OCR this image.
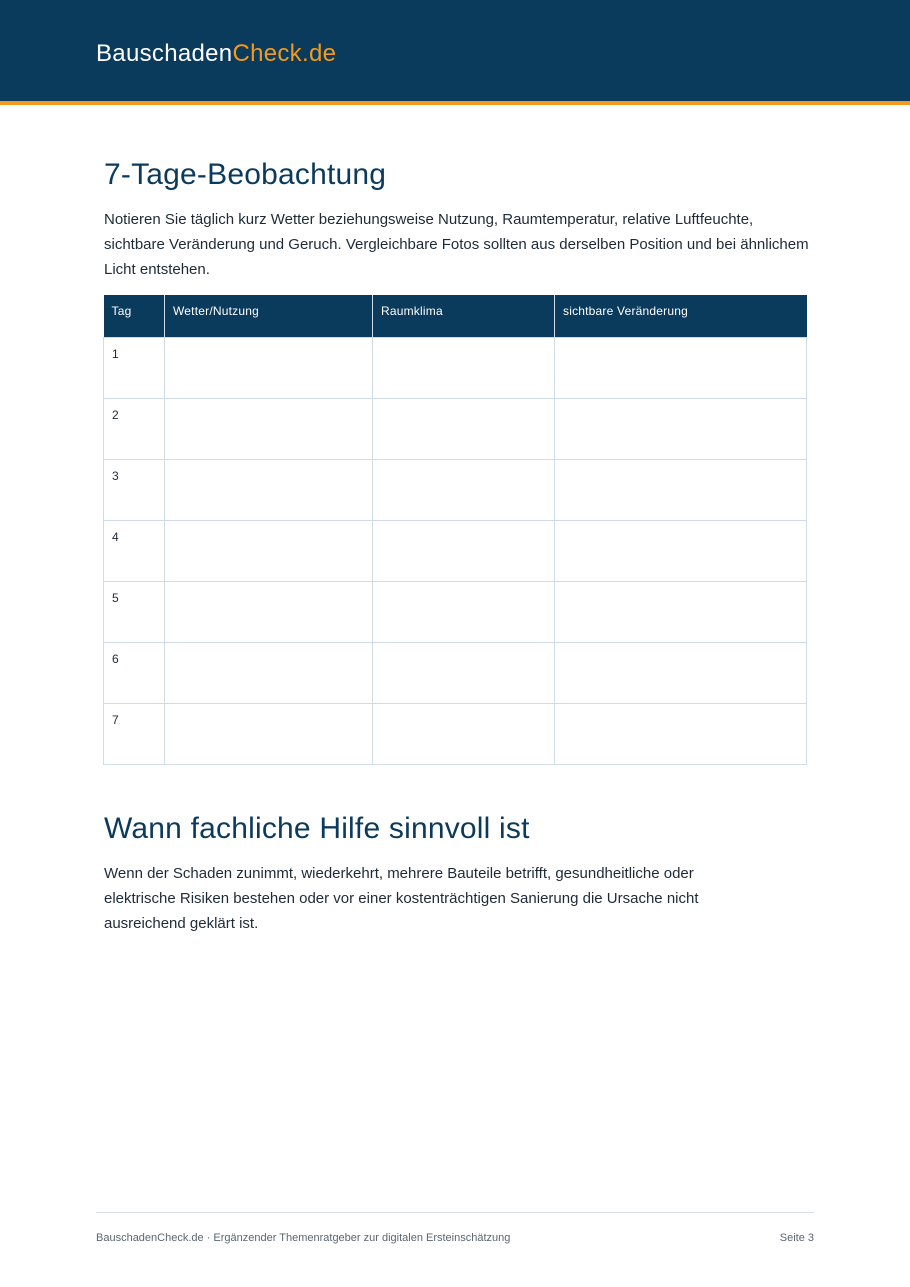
BauschadenCheck.de
7-Tage-Beobachtung

Notieren Sie täglich kurz Wetter beziehungsweise Nutzung, Raumtemperatur, relative Luftfeuchte, sichtbare Veränderung und Geruch. Vergleichbare Fotos sollten aus derselben Position und bei ähnlichem Licht entstehen.

Tag	Wetter/Nutzung	Raumklima	sichtbare Veränderung
1			
2			
3			
4			
5			
6			
7			
Wann fachliche Hilfe sinnvoll ist

Wenn der Schaden zunimmt, wiederkehrt, mehrere Bauteile betrifft, gesundheitliche oder elektrische Risiken bestehen oder vor einer kostenträchtigen Sanierung die Ursache nicht ausreichend geklärt ist.

BauschadenCheck.de · Ergänzender Themenratgeber zur digitalen Ersteinschätzung	Seite 3
